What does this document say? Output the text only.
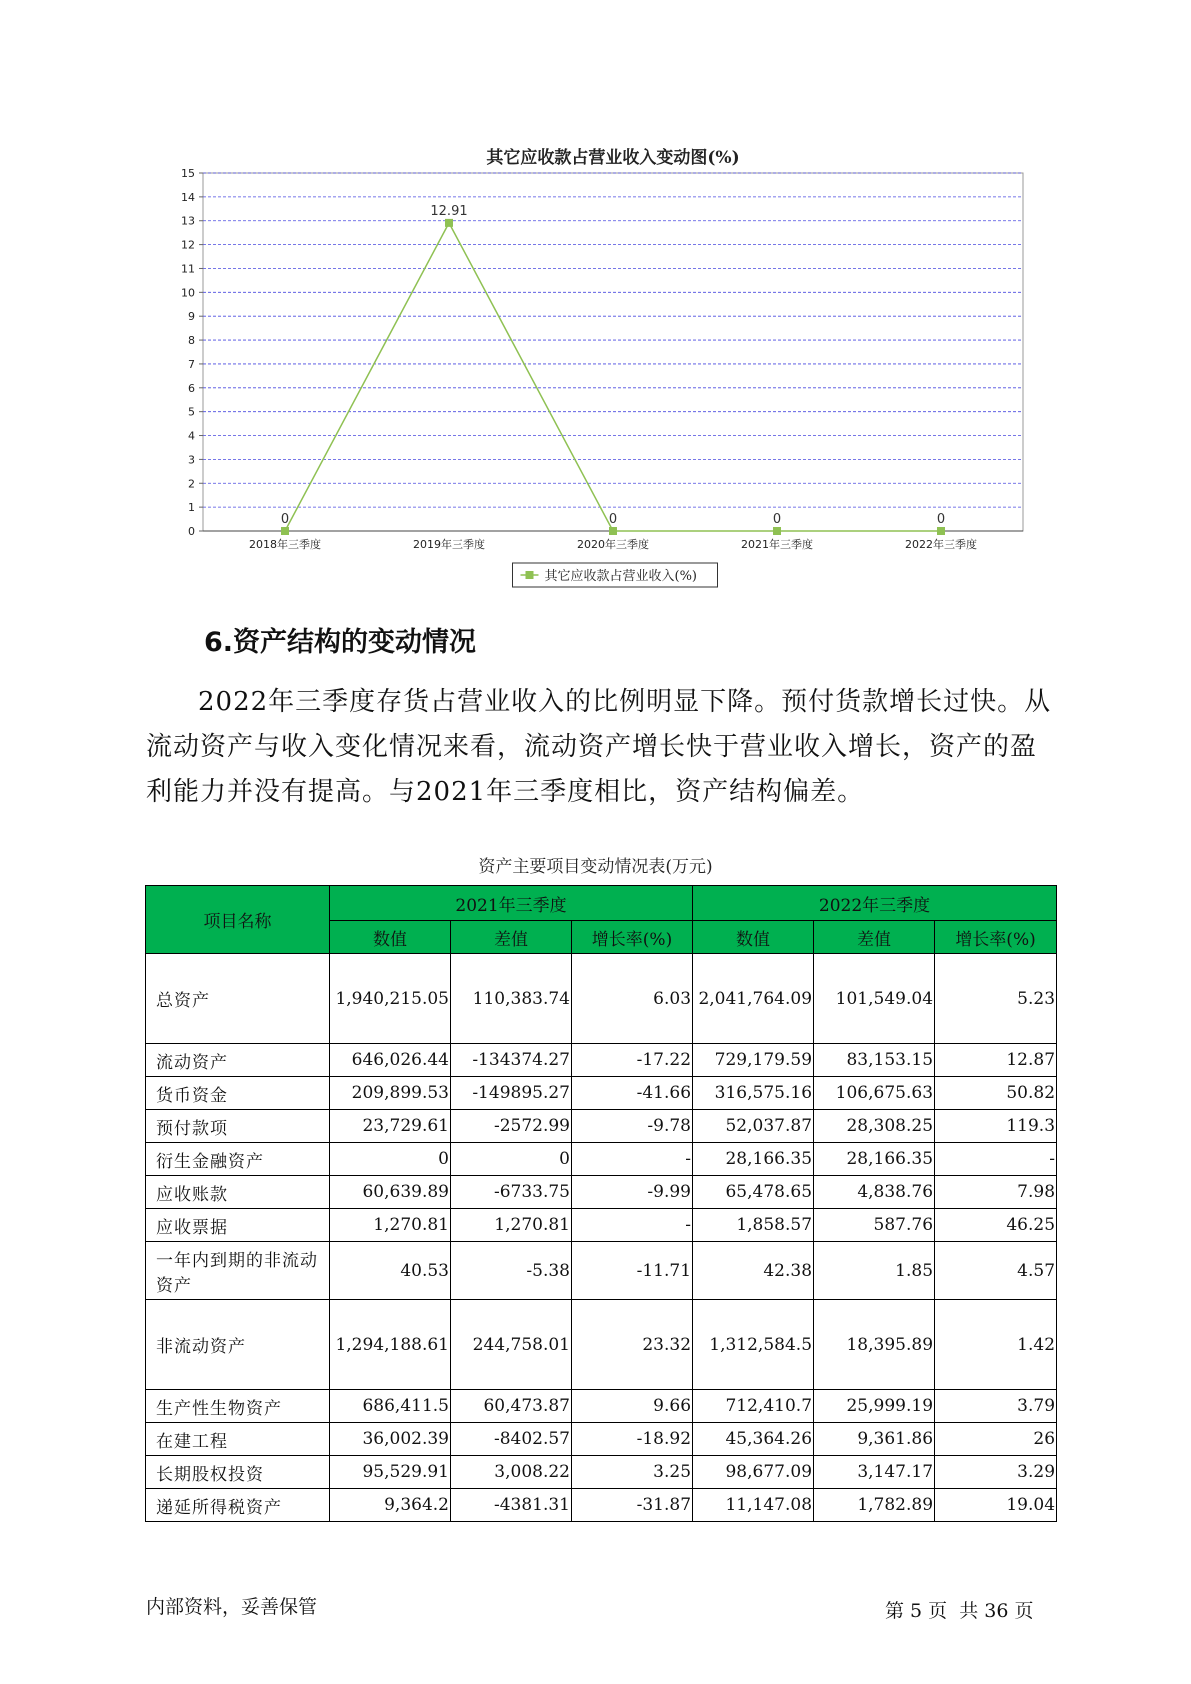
其它应收款占营业收入变动图(%)
0
1
2
3
4
5
6
7
8
9
10
11
12
13
14
15
2018年三季度	2019年三季度	2020年三季度	2021年三季度	2022年三季度
0
12.91
0	0	0
其它应收款占营业收入(%)
6.资产结构的变动情况

2022年三季度存货占营业收入的比例明显下降。预付货款增长过快。从流动资产与收入变化情况来看，流动资产增长快于营业收入增长，资产的盈利能力并没有提高。与2021年三季度相比，资产结构偏差。

资产主要项目变动情况表(万元)
项目名称	2021年三季度			2022年三季度		
	数值	差值	增长率(%)	数值	差值	增长率(%)
总资产	1,940,215.05	110,383.74	6.03	2,041,764.09	101,549.04	5.23
流动资产	646,026.44	-134374.27	-17.22	729,179.59	83,153.15	12.87
货币资金	209,899.53	-149895.27	-41.66	316,575.16	106,675.63	50.82
预付款项	23,729.61	-2572.99	-9.78	52,037.87	28,308.25	119.3
衍生金融资产	0	0	-	28,166.35	28,166.35	-
应收账款	60,639.89	-6733.75	-9.99	65,478.65	4,838.76	7.98
应收票据	1,270.81	1,270.81	-	1,858.57	587.76	46.25
一年内到期的非流动资产	40.53	-5.38	-11.71	42.38	1.85	4.57
非流动资产	1,294,188.61	244,758.01	23.32	1,312,584.5	18,395.89	1.42
生产性生物资产	686,411.5	60,473.87	9.66	712,410.7	25,999.19	3.79
在建工程	36,002.39	-8402.57	-18.92	45,364.26	9,361.86	26
长期股权投资	95,529.91	3,008.22	3.25	98,677.09	3,147.17	3.29
递延所得税资产	9,364.2	-4381.31	-31.87	11,147.08	1,782.89	19.04
内部资料，妥善保管	第 5 页  共 36 页
